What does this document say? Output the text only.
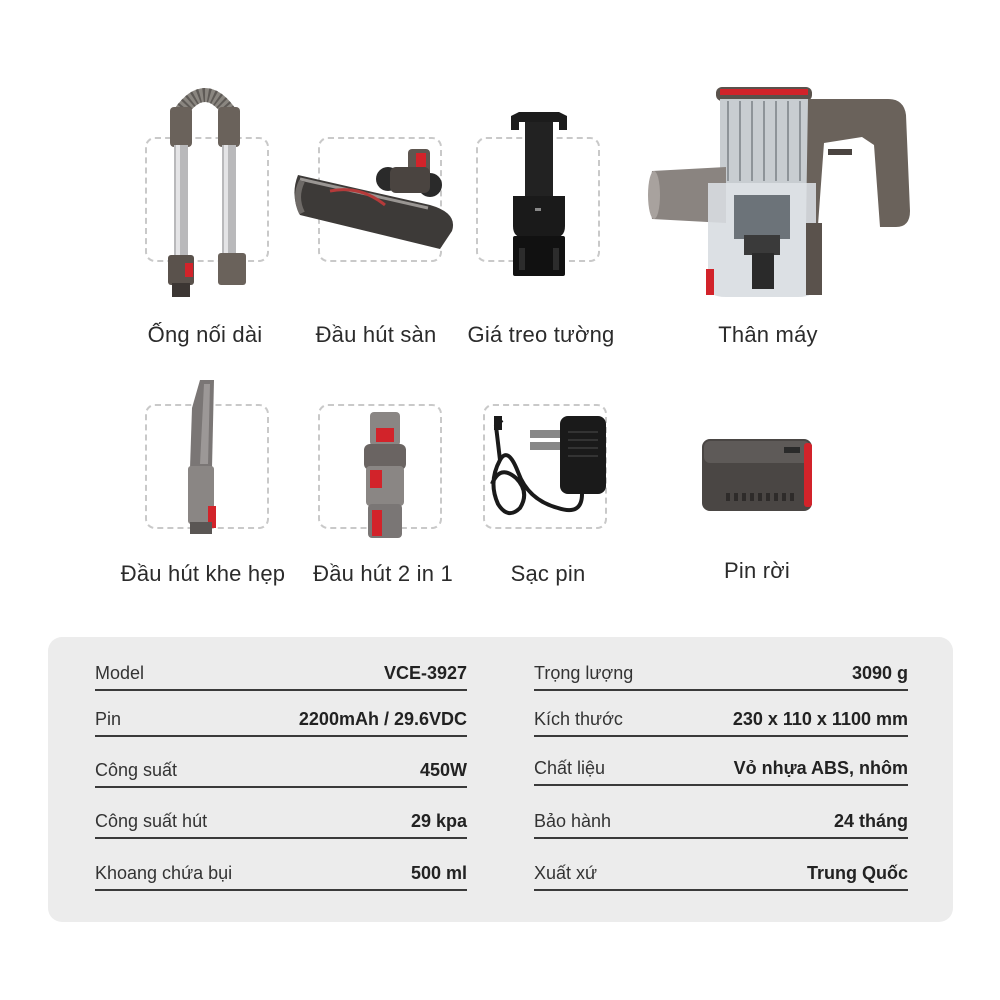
Ống nối dài Đầu hút sàn Giá treo tường	Thân máy
Đầu hút khe hẹp Đầu hút 2 in 1	Sạc pin	Pin rời
Model	VCE-3927
Pin	2200mAh / 29.6VDC
Công suất	450W
Công suất hút	29 kpa
Khoang chứa bụi	500 ml
Trọng lượng	3090 g
Kích thước	230 x 110 x 1100 mm
Chất liệu	Vỏ nhựa ABS, nhôm
Bảo hành	24 tháng
Xuất xứ	Trung Quốc
